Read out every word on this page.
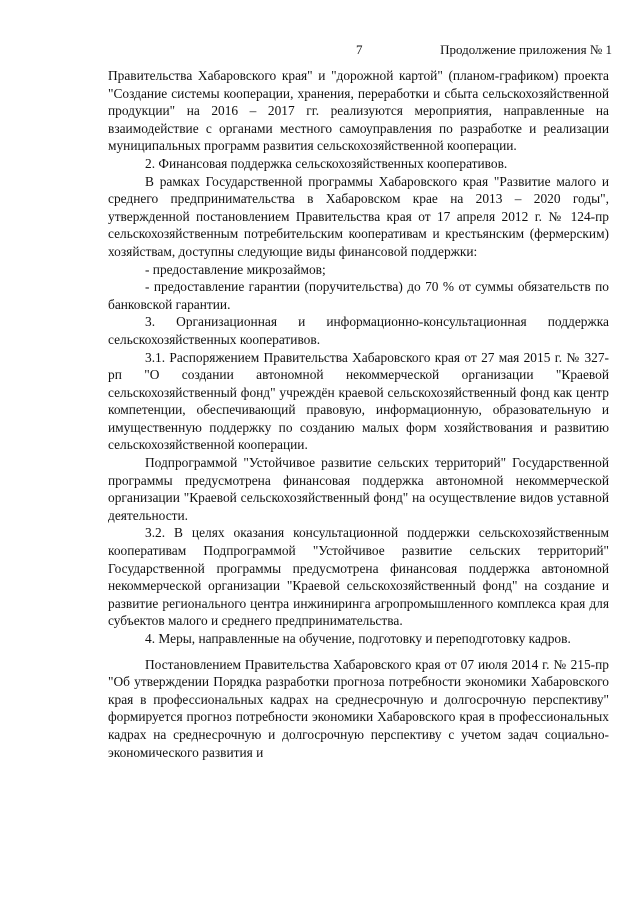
7	Продолжение приложения № 1

Правительства Хабаровского края" и "дорожной картой" (планом-графиком) проекта "Создание системы кооперации, хранения, переработки и сбыта сельскохозяйственной продукции" на 2016 – 2017 гг. реализуются мероприятия, направленные на взаимодействие с органами местного самоуправления по разработке и реализации муниципальных программ развития сельскохозяйственной кооперации.

2. Финансовая поддержка сельскохозяйственных кооперативов.

В рамках Государственной программы Хабаровского края "Развитие малого и среднего предпринимательства в Хабаровском крае на 2013 – 2020 годы", утвержденной постановлением Правительства края от 17 апреля 2012 г. № 124-пр сельскохозяйственным потребительским кооперативам и крестьянским (фермерским) хозяйствам, доступны следующие виды финансовой поддержки:

- предоставление микрозаймов;

- предоставление гарантии (поручительства) до 70 % от суммы обязательств по банковской гарантии.

3. Организационная и информационно-консультационная поддержка сельскохозяйственных кооперативов.

3.1. Распоряжением Правительства Хабаровского края от 27 мая 2015 г. № 327-рп "О создании автономной некоммерческой организации "Краевой сельскохозяйственный фонд" учреждён краевой сельскохозяйственный фонд как центр компетенции, обеспечивающий правовую, информационную, образовательную и имущественную поддержку по созданию малых форм хозяйствования и развитию сельскохозяйственной кооперации.

Подпрограммой "Устойчивое развитие сельских территорий" Государственной программы предусмотрена финансовая поддержка автономной некоммерческой организации "Краевой сельскохозяйственный фонд" на осуществление видов уставной деятельности.

3.2. В целях оказания консультационной поддержки сельскохозяйственным кооперативам Подпрограммой "Устойчивое развитие сельских территорий" Государственной программы предусмотрена финансовая поддержка автономной некоммерческой организации "Краевой сельскохозяйственный фонд" на создание и развитие регионального центра инжиниринга агропромышленного комплекса края для субъектов малого и среднего предпринимательства.

4. Меры, направленные на обучение, подготовку и переподготовку кадров.

Постановлением Правительства Хабаровского края от 07 июля 2014 г. № 215-пр "Об утверждении Порядка разработки прогноза потребности экономики Хабаровского края в профессиональных кадрах на среднесрочную и долгосрочную перспективу" формируется прогноз потребности экономики Хабаровского края в профессиональных кадрах на среднесрочную и долгосрочную перспективу с учетом задач социально-экономического развития и
